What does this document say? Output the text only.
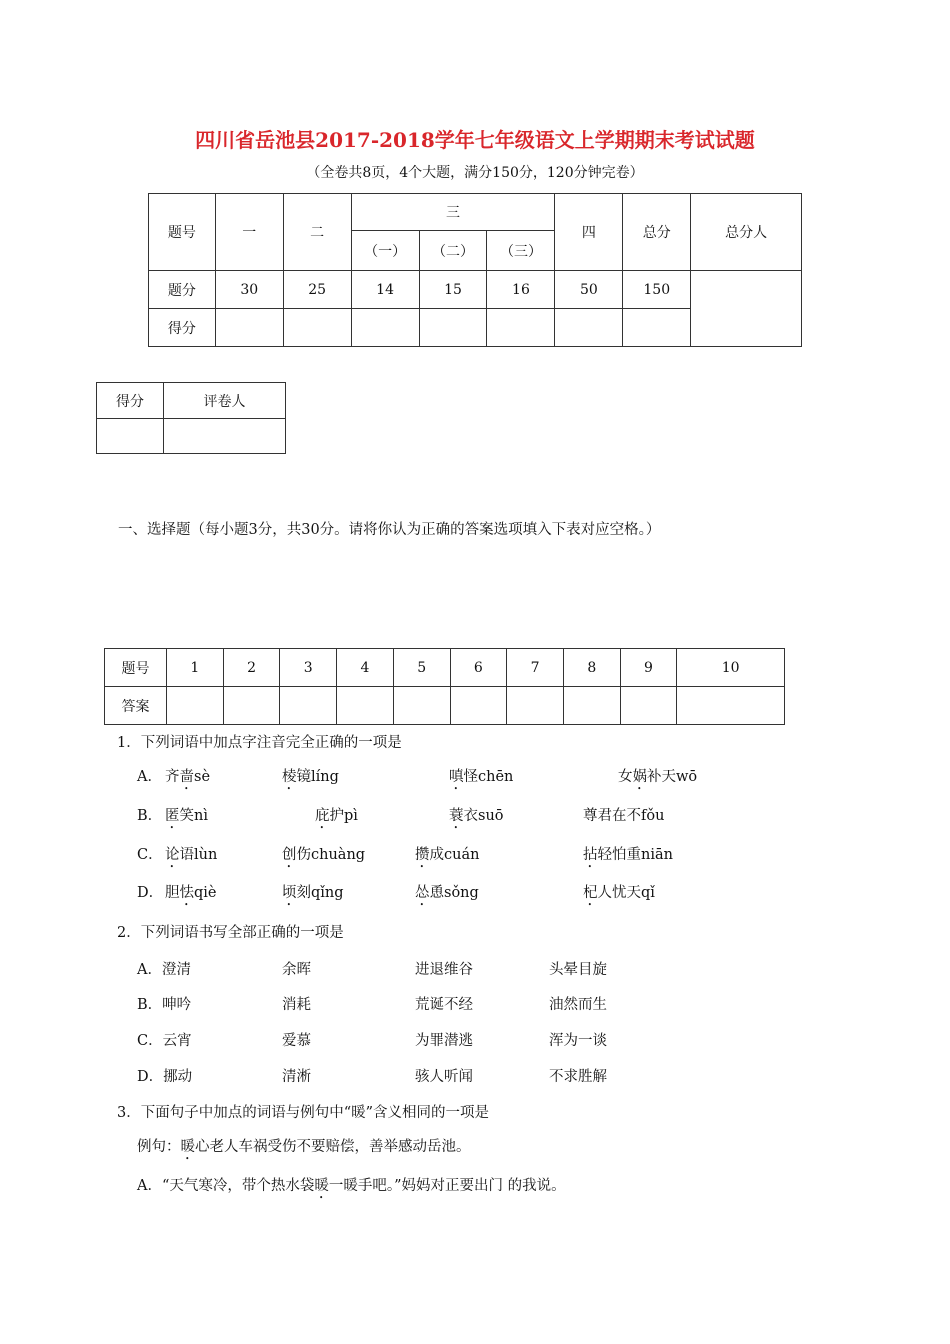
四川省岳池县2017-2018学年七年级语文上学期期末考试试题
（全卷共8页，4个大题，满分150分，120分钟完卷）
题号	一	二	三			四	总分	总分人
			（一）	（二）	（三）			
题分	30	25	14	15	16	50	150	
得分								
得分	评卷人

一、选择题（每小题3分，共30分。请将你认为正确的答案选项填入下表对应空格。）
题号	1	2	3	4	5	6	7	8	9	10
答案										
1．下列词语中加点字注音完全正确的一项是
A． 齐啬sè	棱镜líng	嗔怪chēn	女娲补天wō
B． 匿笑nì	庇护pì	蓑衣suō	尊君在不fǒu
C． 论语lùn	创伤chuàng	攒成cuán	拈轻怕重niān
D． 胆怯qiè	顷刻qǐng	怂恿sǒng	杞人忧天qǐ
2．下列词语书写全部正确的一项是
A．澄清	余晖	进退维谷	头晕目旋
B．呻吟	消耗	荒诞不经	油然而生
C．云宵	爱慕	为罪潜逃	浑为一谈
D．挪动	清淅	骇人听闻	不求胜解
3．下面句子中加点的词语与例句中“暖”含义相同的一项是
例句：暖心老人车祸受伤不要赔偿，善举感动岳池。
A．“天气寒冷，带个热水袋暖一暖手吧。”妈妈对正要出门 的我说。
